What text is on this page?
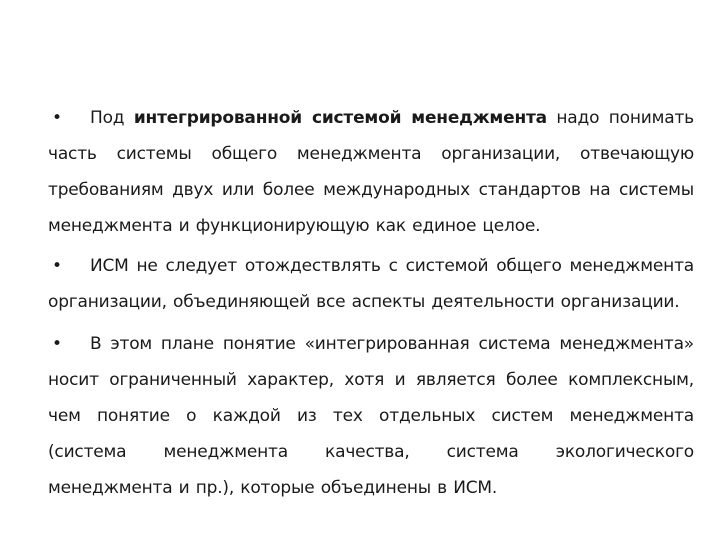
• Под интегрированной системой менеджмента надо понимать часть системы общего менеджмента организации, отвечающую требованиям двух или более международных стандартов на системы менеджмента и функционирующую как единое целое.

• ИСМ не следует отождествлять с системой общего менеджмента организации, объединяющей все аспекты деятельности организации.

• В этом плане понятие «интегрированная система менеджмента» носит ограниченный характер, хотя и является более комплексным, чем понятие о каждой из тех отдельных систем менеджмента (система менеджмента качества, система экологического менеджмента и пр.), которые объединены в ИСМ.
